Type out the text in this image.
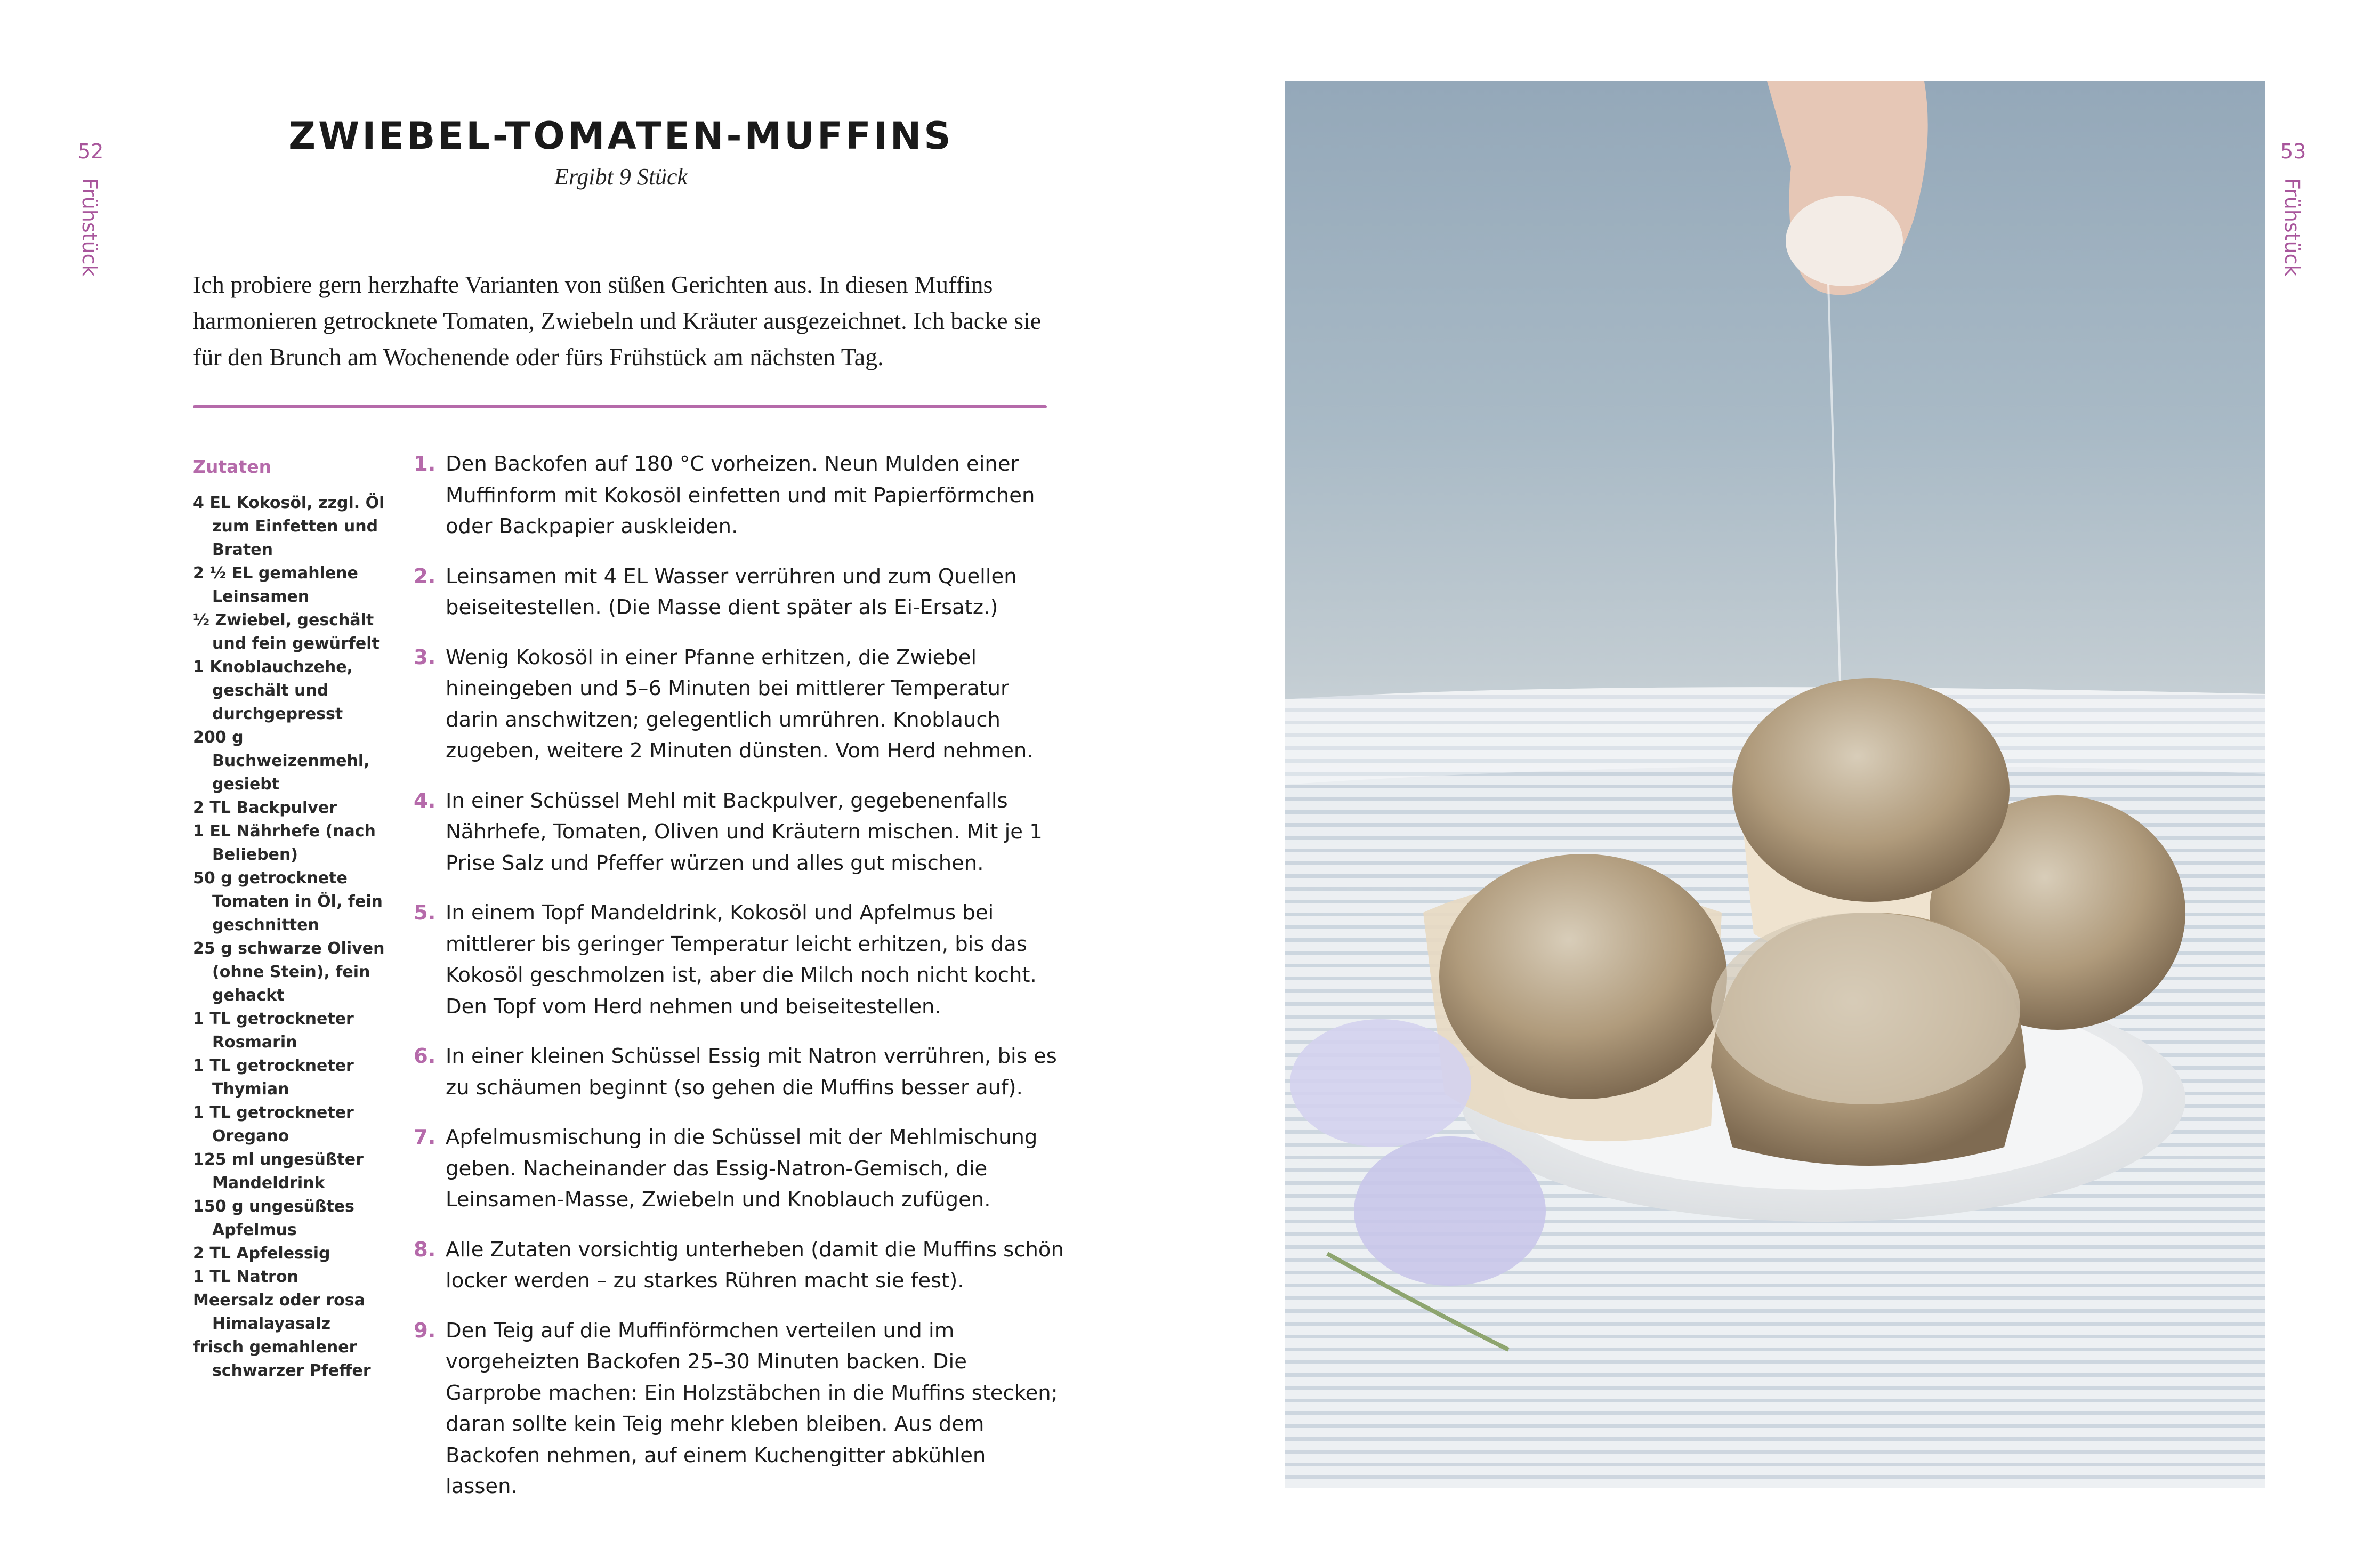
52
Frühstück
53
Frühstück
ZWIEBEL-TOMATEN-MUFFINS
Ergibt 9 Stück

Ich probiere gern herzhafte Varianten von süßen Gerichten aus. In diesen Muffins harmonieren getrocknete Tomaten, Zwiebeln und Kräuter ausgezeichnet. Ich backe sie für den Brunch am Wochenende oder fürs Frühstück am nächsten Tag.

Zutaten
4 EL Kokosöl, zzgl. Öl zum Einfetten und Braten
2 ½ EL gemahlene Leinsamen
½ Zwiebel, geschält und fein gewürfelt
1 Knoblauchzehe, geschält und durchgepresst
200 g Buchweizenmehl, gesiebt
2 TL Backpulver
1 EL Nährhefe (nach Belieben)
50 g getrocknete Tomaten in Öl, fein geschnitten
25 g schwarze Oliven (ohne Stein), fein gehackt
1 TL getrockneter Rosmarin
1 TL getrockneter Thymian
1 TL getrockneter Oregano
125 ml ungesüßter Mandeldrink
150 g ungesüßtes Apfelmus
2 TL Apfelessig
1 TL Natron
Meersalz oder rosa Himalayasalz
frisch gemahlener schwarzer Pfeffer
1. Den Backofen auf 180 °C vorheizen. Neun Mulden einer Muffinform mit Kokosöl einfetten und mit Papierförmchen oder Backpapier auskleiden.
2. Leinsamen mit 4 EL Wasser verrühren und zum Quellen beiseitestellen. (Die Masse dient später als Ei-Ersatz.)
3. Wenig Kokosöl in einer Pfanne erhitzen, die Zwiebel hineingeben und 5–6 Minuten bei mittlerer Temperatur darin anschwitzen; gelegentlich umrühren. Knoblauch zugeben, weitere 2 Minuten dünsten. Vom Herd nehmen.
4. In einer Schüssel Mehl mit Backpulver, gegebenenfalls Nährhefe, Tomaten, Oliven und Kräutern mischen. Mit je 1 Prise Salz und Pfeffer würzen und alles gut mischen.
5. In einem Topf Mandeldrink, Kokosöl und Apfelmus bei mittlerer bis geringer Temperatur leicht erhitzen, bis das Kokosöl geschmolzen ist, aber die Milch noch nicht kocht. Den Topf vom Herd nehmen und beiseitestellen.
6. In einer kleinen Schüssel Essig mit Natron verrühren, bis es zu schäumen beginnt (so gehen die Muffins besser auf).
7. Apfelmusmischung in die Schüssel mit der Mehlmischung geben. Nacheinander das Essig-Natron-Gemisch, die Leinsamen-Masse, Zwiebeln und Knoblauch zufügen.
8. Alle Zutaten vorsichtig unterheben (damit die Muffins schön locker werden – zu starkes Rühren macht sie fest).
9. Den Teig auf die Muffinförmchen verteilen und im vorgeheizten Backofen 25–30 Minuten backen. Die Garprobe machen: Ein Holzstäbchen in die Muffins stecken; daran sollte kein Teig mehr kleben bleiben. Aus dem Backofen nehmen, auf einem Kuchengitter abkühlen lassen.
